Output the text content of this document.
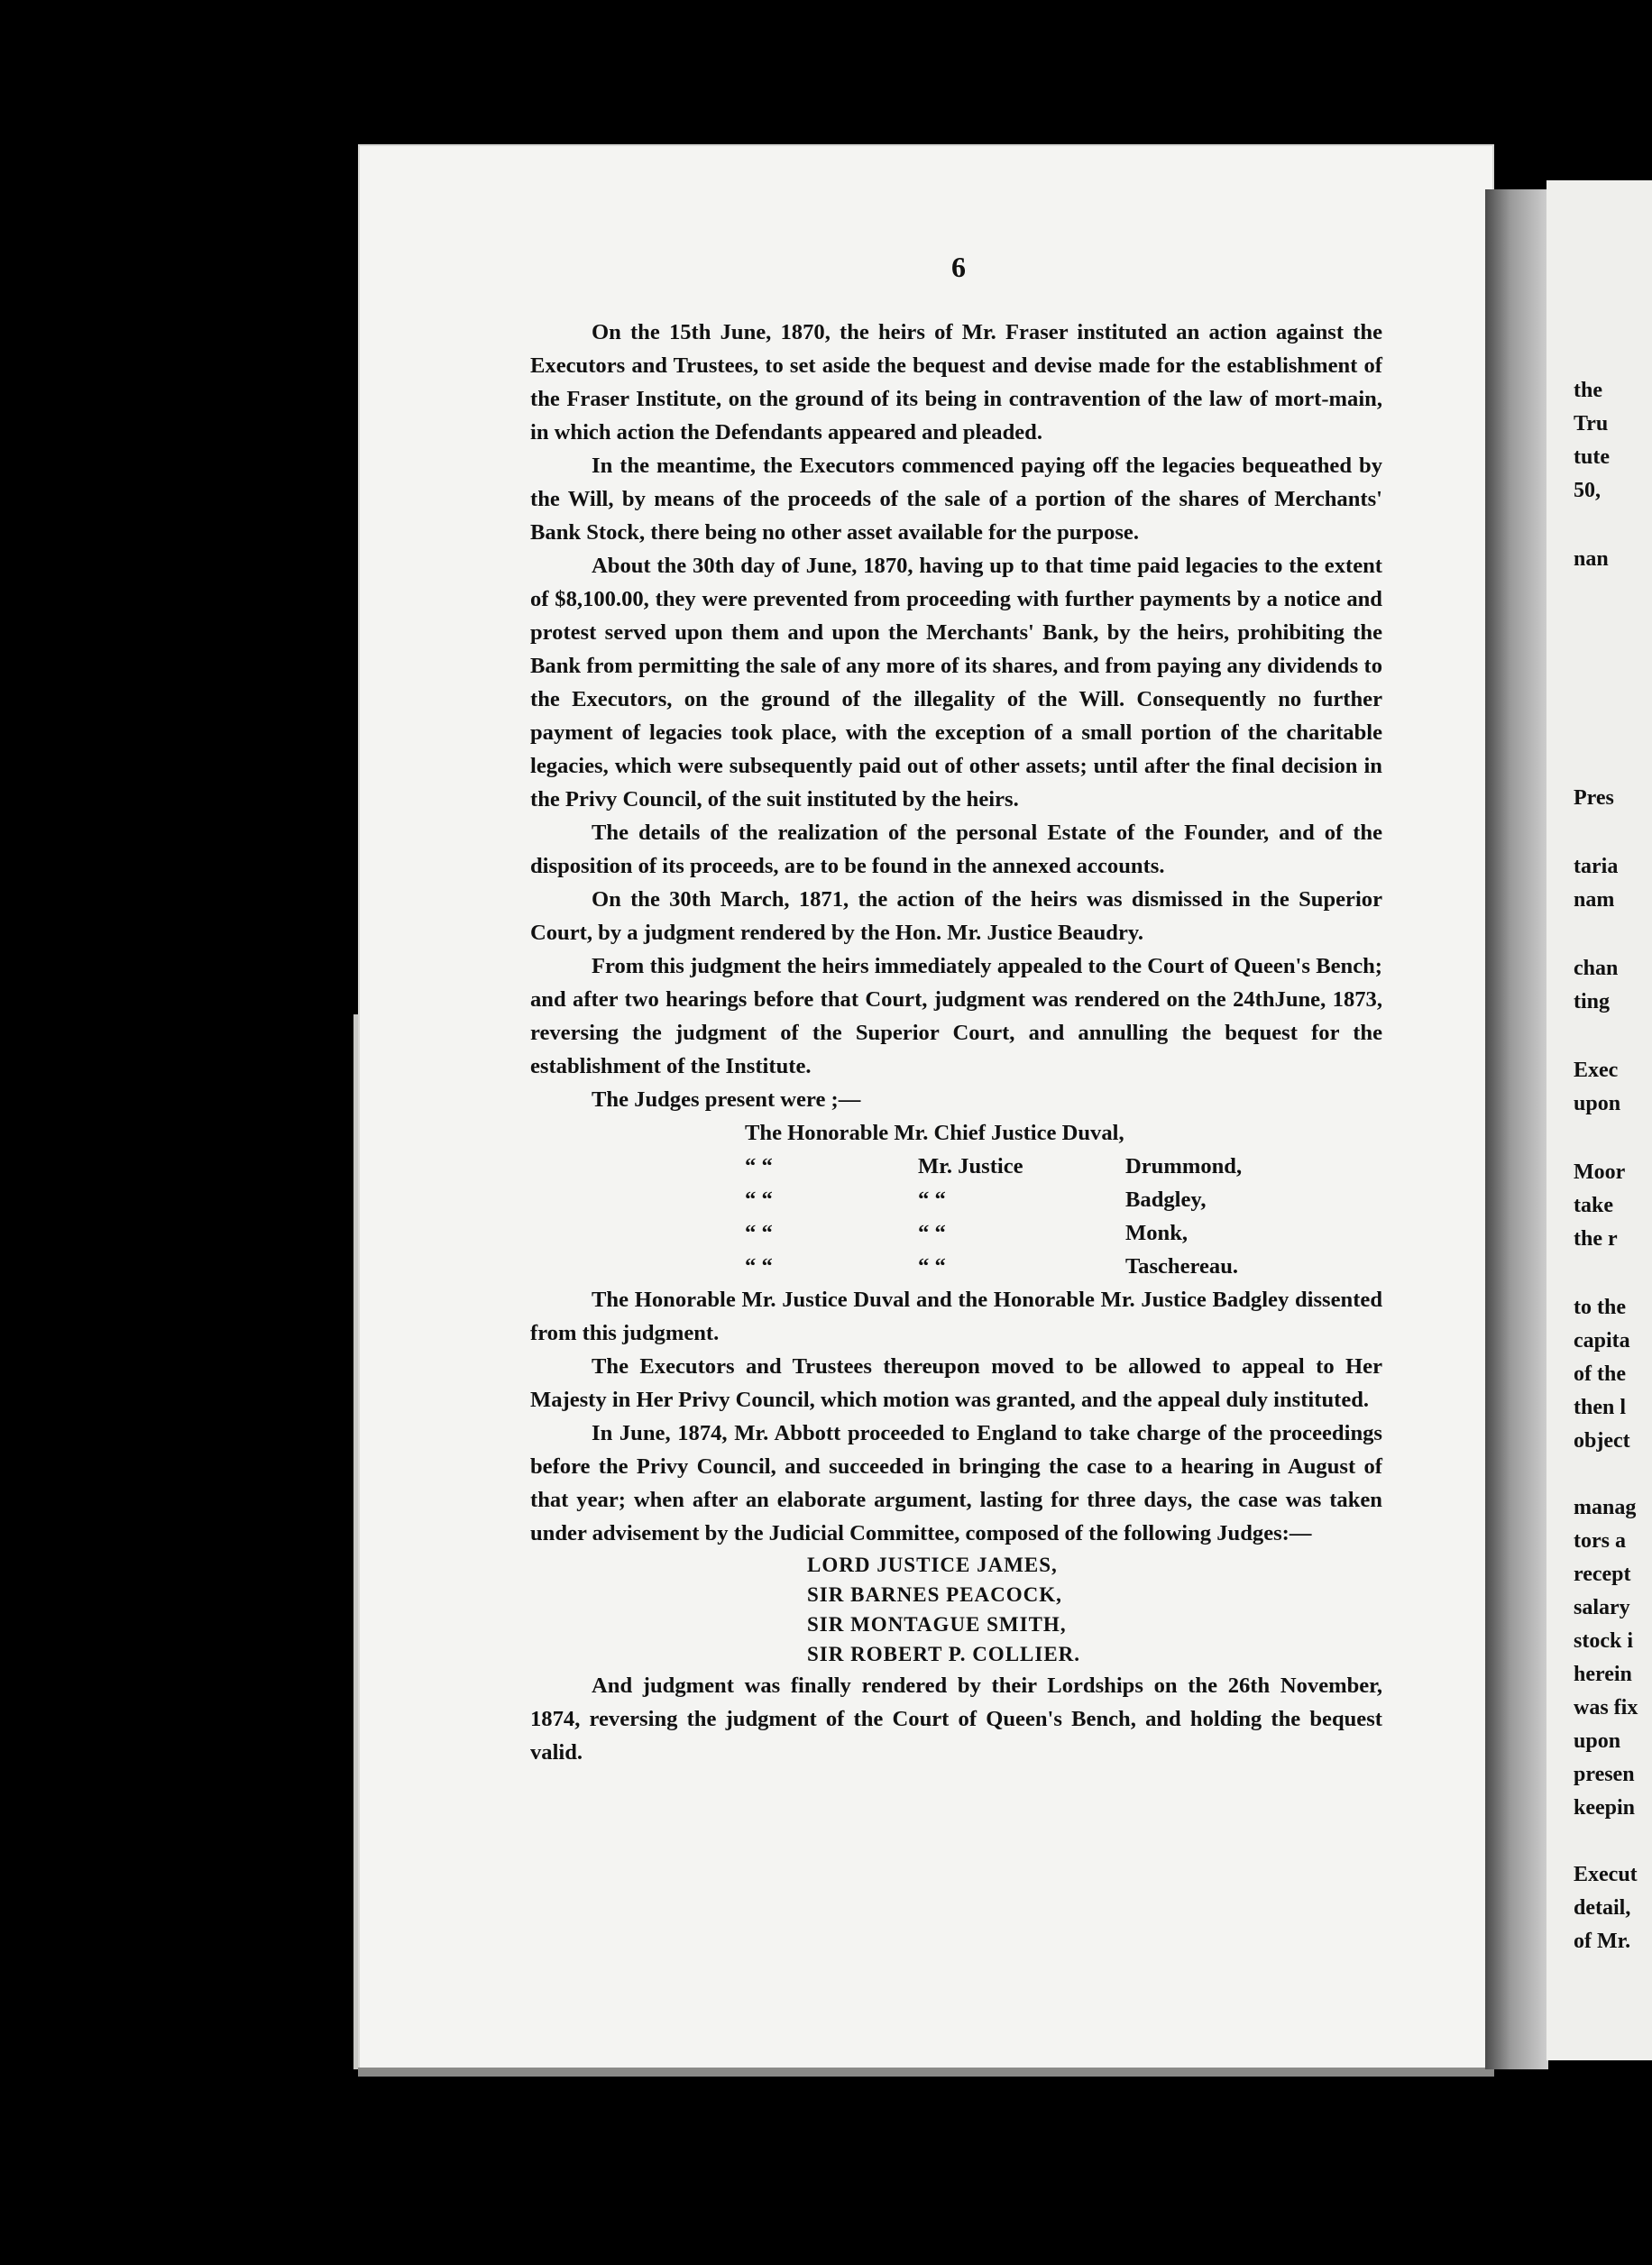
the
Tru
tute
50,
nan
Pres
taria
nam
chan
ting
Exec
upon
Moor
take
the r
to the
capita
of the
then l
object
manag
tors a
recept
salary
stock i
herein
was fix
upon
presen
keepin
Execut
detail,
of Mr.
6

On the 15th June, 1870, the heirs of Mr. Fraser instituted an action against the Executors and Trustees, to set aside the bequest and devise made for the establishment of the Fraser Institute, on the ground of its being in contravention of the law of mort-main, in which action the Defendants appeared and pleaded.

In the meantime, the Executors commenced paying off the legacies bequeathed by the Will, by means of the proceeds of the sale of a portion of the shares of Merchants' Bank Stock, there being no other asset available for the purpose.

About the 30th day of June, 1870, having up to that time paid legacies to the extent of $8,100.00, they were prevented from proceeding with further payments by a notice and protest served upon them and upon the Merchants' Bank, by the heirs, prohibiting the Bank from permitting the sale of any more of its shares, and from paying any dividends to the Executors, on the ground of the illegality of the Will. Consequently no further payment of legacies took place, with the exception of a small portion of the charitable legacies, which were subsequently paid out of other assets; until after the final decision in the Privy Council, of the suit instituted by the heirs.

The details of the realization of the personal Estate of the Founder, and of the disposition of its proceeds, are to be found in the annexed accounts.

On the 30th March, 1871, the action of the heirs was dismissed in the Superior Court, by a judgment rendered by the Hon. Mr. Justice Beaudry.

From this judgment the heirs immediately appealed to the Court of Queen's Bench; and after two hearings before that Court, judgment was rendered on the 24thJune, 1873, reversing the judgment of the Superior Court, and annulling the bequest for the establishment of the Institute.

The Judges present were ;—

The Honorable Mr. Chief Justice Duval,
“ “	Mr. Justice	Drummond,
“ “	“ “	Badgley,
“ “	“ “	Monk,
“ “	“ “	Taschereau.

The Honorable Mr. Justice Duval and the Honorable Mr. Justice Badgley dissented from this judgment.

The Executors and Trustees thereupon moved to be allowed to appeal to Her Majesty in Her Privy Council, which motion was granted, and the appeal duly instituted.

In June, 1874, Mr. Abbott proceeded to England to take charge of the proceedings before the Privy Council, and succeeded in bringing the case to a hearing in August of that year; when after an elaborate argument, lasting for three days, the case was taken under advisement by the Judicial Committee, composed of the following Judges:—

LORD JUSTICE JAMES,
SIR BARNES PEACOCK,
SIR MONTAGUE SMITH,
SIR ROBERT P. COLLIER.

And judgment was finally rendered by their Lordships on the 26th November, 1874, reversing the judgment of the Court of Queen's Bench, and holding the bequest valid.
